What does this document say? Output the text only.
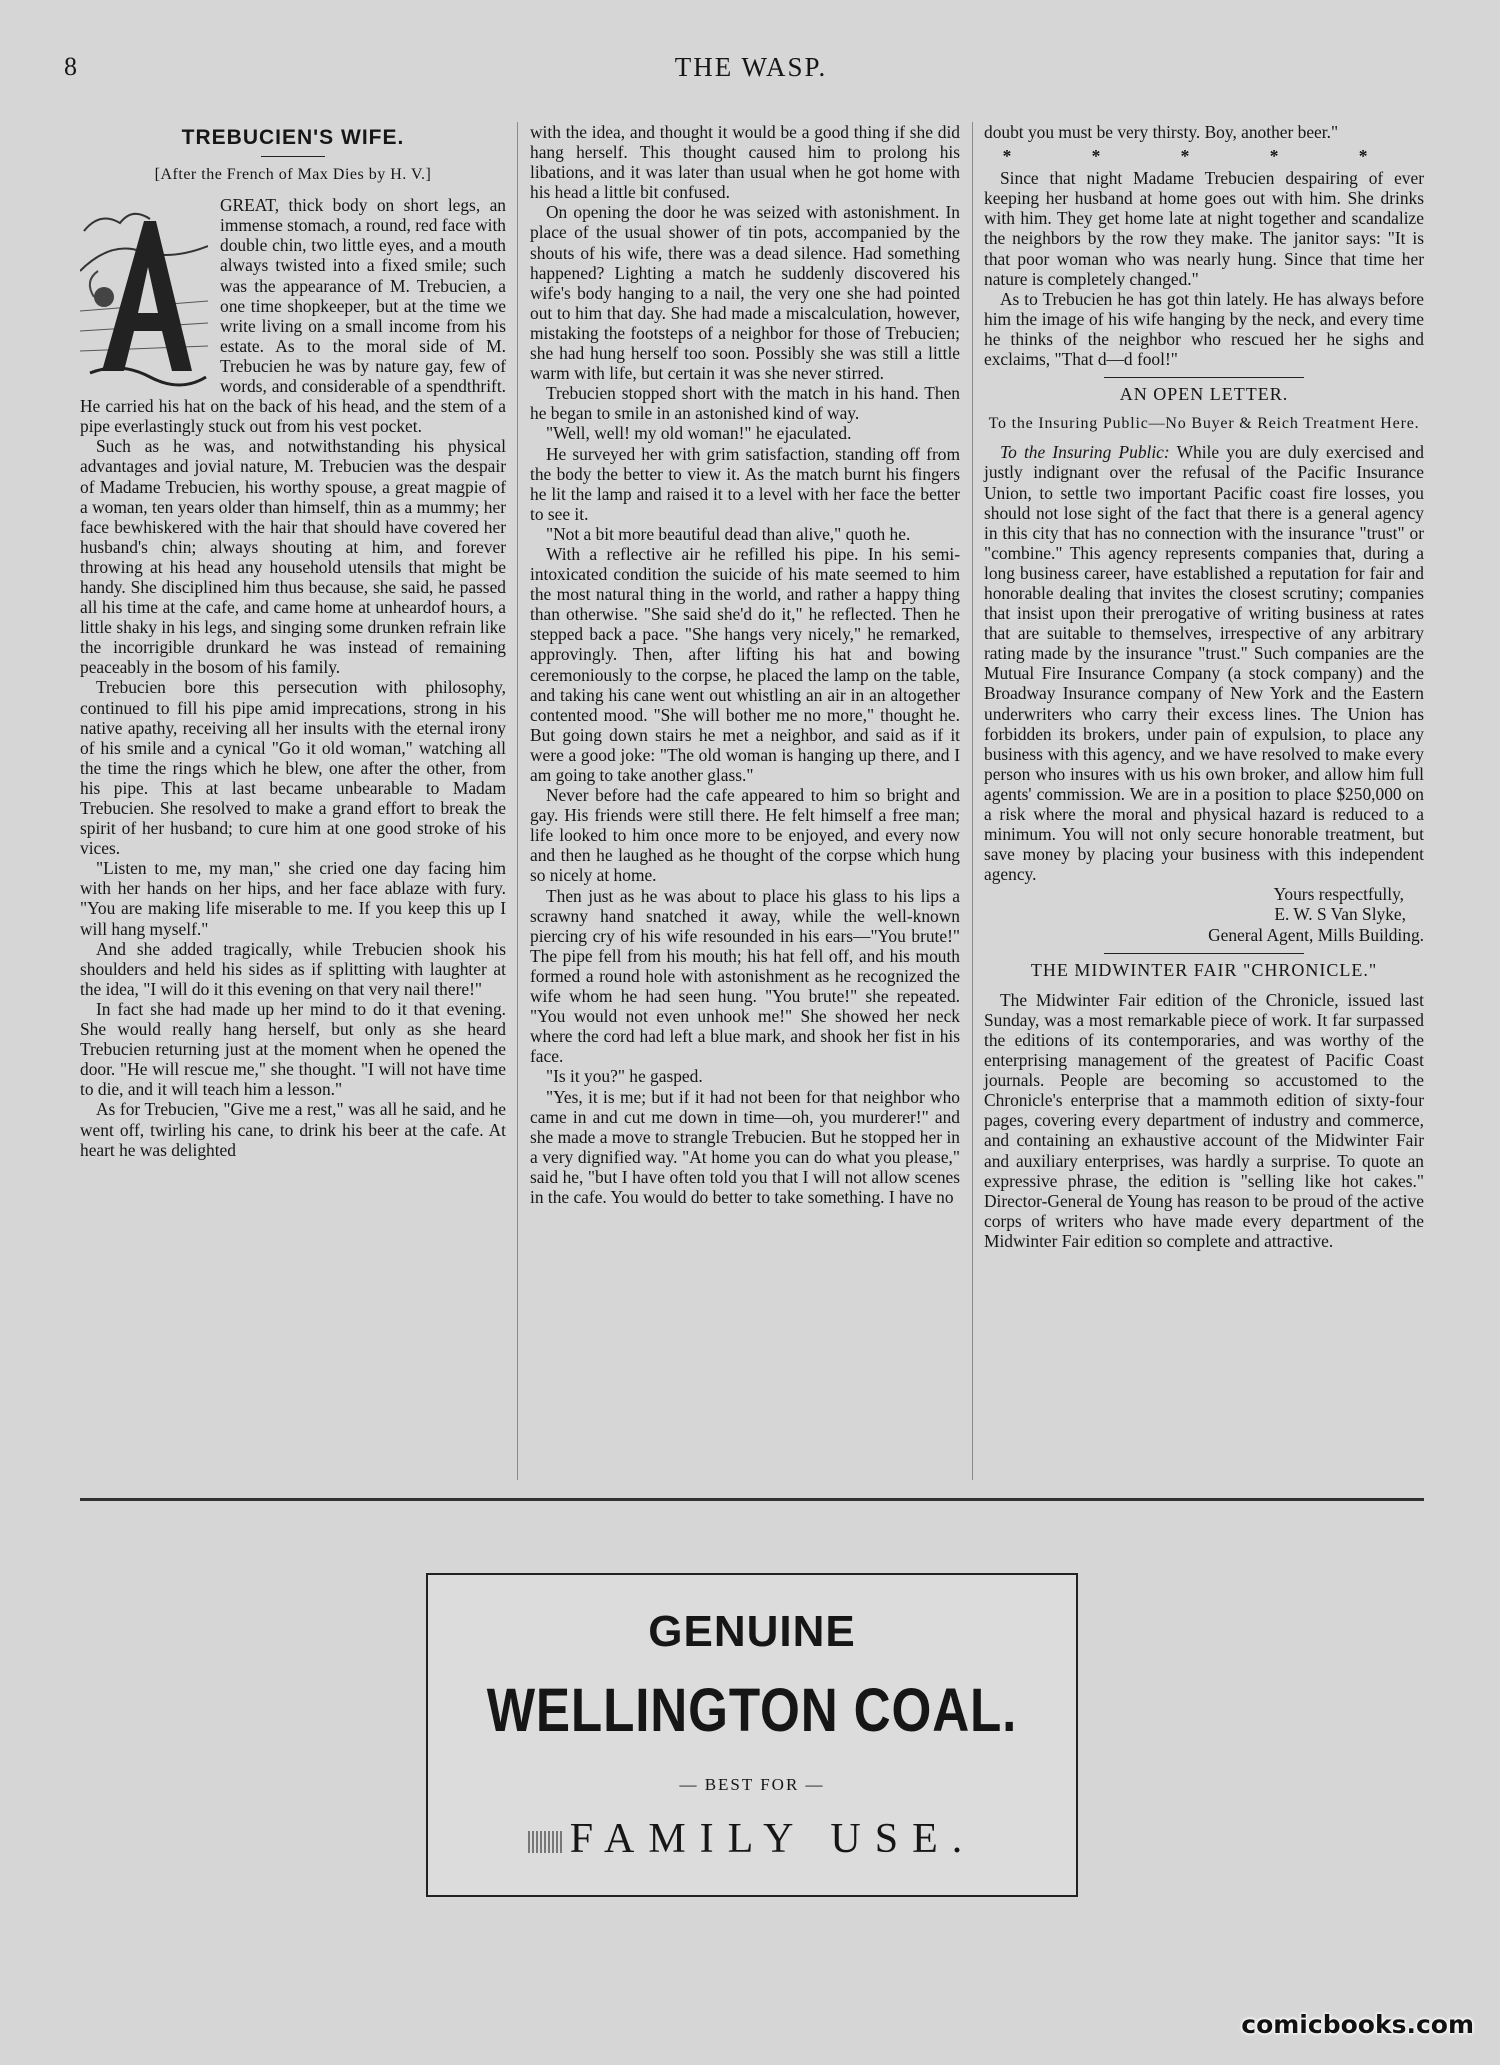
8	THE WASP.
TREBUCIEN'S WIFE.
[After the French of Max Dies by H. V.]

GREAT, thick body on short legs, an immense stomach, a round, red face with double chin, two little eyes, and a mouth always twisted into a fixed smile; such was the appearance of M. Trebucien, a one time shopkeeper, but at the time we write living on a small income from his estate. As to the moral side of M. Trebucien he was by nature gay, few of words, and considerable of a spendthrift. He carried his hat on the back of his head, and the stem of a pipe everlastingly stuck out from his vest pocket.

Such as he was, and notwithstanding his physical advantages and jovial nature, M. Trebucien was the despair of Madame Trebucien, his worthy spouse, a great magpie of a woman, ten years older than himself, thin as a mummy; her face bewhiskered with the hair that should have covered her husband's chin; always shouting at him, and forever throwing at his head any household utensils that might be handy. She disciplined him thus because, she said, he passed all his time at the cafe, and came home at unheardof hours, a little shaky in his legs, and singing some drunken refrain like the incorrigible drunkard he was instead of remaining peaceably in the bosom of his family.

Trebucien bore this persecution with philosophy, continued to fill his pipe amid imprecations, strong in his native apathy, receiving all her insults with the eternal irony of his smile and a cynical "Go it old woman," watching all the time the rings which he blew, one after the other, from his pipe. This at last became unbearable to Madam Trebucien. She resolved to make a grand effort to break the spirit of her husband; to cure him at one good stroke of his vices.

"Listen to me, my man," she cried one day facing him with her hands on her hips, and her face ablaze with fury. "You are making life miserable to me. If you keep this up I will hang myself."

And she added tragically, while Trebucien shook his shoulders and held his sides as if splitting with laughter at the idea, "I will do it this evening on that very nail there!"

In fact she had made up her mind to do it that evening. She would really hang herself, but only as she heard Trebucien returning just at the moment when he opened the door. "He will rescue me," she thought. "I will not have time to die, and it will teach him a lesson."

As for Trebucien, "Give me a rest," was all he said, and he went off, twirling his cane, to drink his beer at the cafe. At heart he was delighted

with the idea, and thought it would be a good thing if she did hang herself. This thought caused him to prolong his libations, and it was later than usual when he got home with his head a little bit confused.

On opening the door he was seized with astonishment. In place of the usual shower of tin pots, accompanied by the shouts of his wife, there was a dead silence. Had something happened? Lighting a match he suddenly discovered his wife's body hanging to a nail, the very one she had pointed out to him that day. She had made a miscalculation, however, mistaking the footsteps of a neighbor for those of Trebucien; she had hung herself too soon. Possibly she was still a little warm with life, but certain it was she never stirred.

Trebucien stopped short with the match in his hand. Then he began to smile in an astonished kind of way.

"Well, well! my old woman!" he ejaculated.

He surveyed her with grim satisfaction, standing off from the body the better to view it. As the match burnt his fingers he lit the lamp and raised it to a level with her face the better to see it.

"Not a bit more beautiful dead than alive," quoth he.

With a reflective air he refilled his pipe. In his semi-intoxicated condition the suicide of his mate seemed to him the most natural thing in the world, and rather a happy thing than otherwise. "She said she'd do it," he reflected. Then he stepped back a pace. "She hangs very nicely," he remarked, approvingly. Then, after lifting his hat and bowing ceremoniously to the corpse, he placed the lamp on the table, and taking his cane went out whistling an air in an altogether contented mood. "She will bother me no more," thought he. But going down stairs he met a neighbor, and said as if it were a good joke: "The old woman is hanging up there, and I am going to take another glass."

Never before had the cafe appeared to him so bright and gay. His friends were still there. He felt himself a free man; life looked to him once more to be enjoyed, and every now and then he laughed as he thought of the corpse which hung so nicely at home.

Then just as he was about to place his glass to his lips a scrawny hand snatched it away, while the well-known piercing cry of his wife resounded in his ears—"You brute!" The pipe fell from his mouth; his hat fell off, and his mouth formed a round hole with astonishment as he recognized the wife whom he had seen hung. "You brute!" she repeated. "You would not even unhook me!" She showed her neck where the cord had left a blue mark, and shook her fist in his face.

"Is it you?" he gasped.

"Yes, it is me; but if it had not been for that neighbor who came in and cut me down in time—oh, you murderer!" and she made a move to strangle Trebucien. But he stopped her in a very dignified way. "At home you can do what you please," said he, "but I have often told you that I will not allow scenes in the cafe. You would do better to take something. I have no

doubt you must be very thirsty. Boy, another beer."

* * * * *

Since that night Madame Trebucien despairing of ever keeping her husband at home goes out with him. She drinks with him. They get home late at night together and scandalize the neighbors by the row they make. The janitor says: "It is that poor woman who was nearly hung. Since that time her nature is completely changed."

As to Trebucien he has got thin lately. He has always before him the image of his wife hanging by the neck, and every time he thinks of the neighbor who rescued her he sighs and exclaims, "That d—d fool!"

AN OPEN LETTER.
To the Insuring Public—No Buyer & Reich Treatment Here.

To the Insuring Public: While you are duly exercised and justly indignant over the refusal of the Pacific Insurance Union, to settle two important Pacific coast fire losses, you should not lose sight of the fact that there is a general agency in this city that has no connection with the insurance "trust" or "combine." This agency represents companies that, during a long business career, have established a reputation for fair and honorable dealing that invites the closest scrutiny; companies that insist upon their prerogative of writing business at rates that are suitable to themselves, irrespective of any arbitrary rating made by the insurance "trust." Such companies are the Mutual Fire Insurance Company (a stock company) and the Broadway Insurance company of New York and the Eastern underwriters who carry their excess lines. The Union has forbidden its brokers, under pain of expulsion, to place any business with this agency, and we have resolved to make every person who insures with us his own broker, and allow him full agents' commission. We are in a position to place $250,000 on a risk where the moral and physical hazard is reduced to a minimum. You will not only secure honorable treatment, but save money by placing your business with this independent agency.

Yours respectfully,
E. W. S Van Slyke,
General Agent, Mills Building.
THE MIDWINTER FAIR "CHRONICLE."

The Midwinter Fair edition of the Chronicle, issued last Sunday, was a most remarkable piece of work. It far surpassed the editions of its contemporaries, and was worthy of the enterprising management of the greatest of Pacific Coast journals. People are becoming so accustomed to the Chronicle's enterprise that a mammoth edition of sixty-four pages, covering every department of industry and commerce, and containing an exhaustive account of the Midwinter Fair and auxiliary enterprises, was hardly a surprise. To quote an expressive phrase, the edition is "selling like hot cakes." Director-General de Young has reason to be proud of the active corps of writers who have made every department of the Midwinter Fair edition so complete and attractive.

GENUINE
WELLINGTON COAL.
— BEST FOR —
FAMILY USE.
comicbooks.com
